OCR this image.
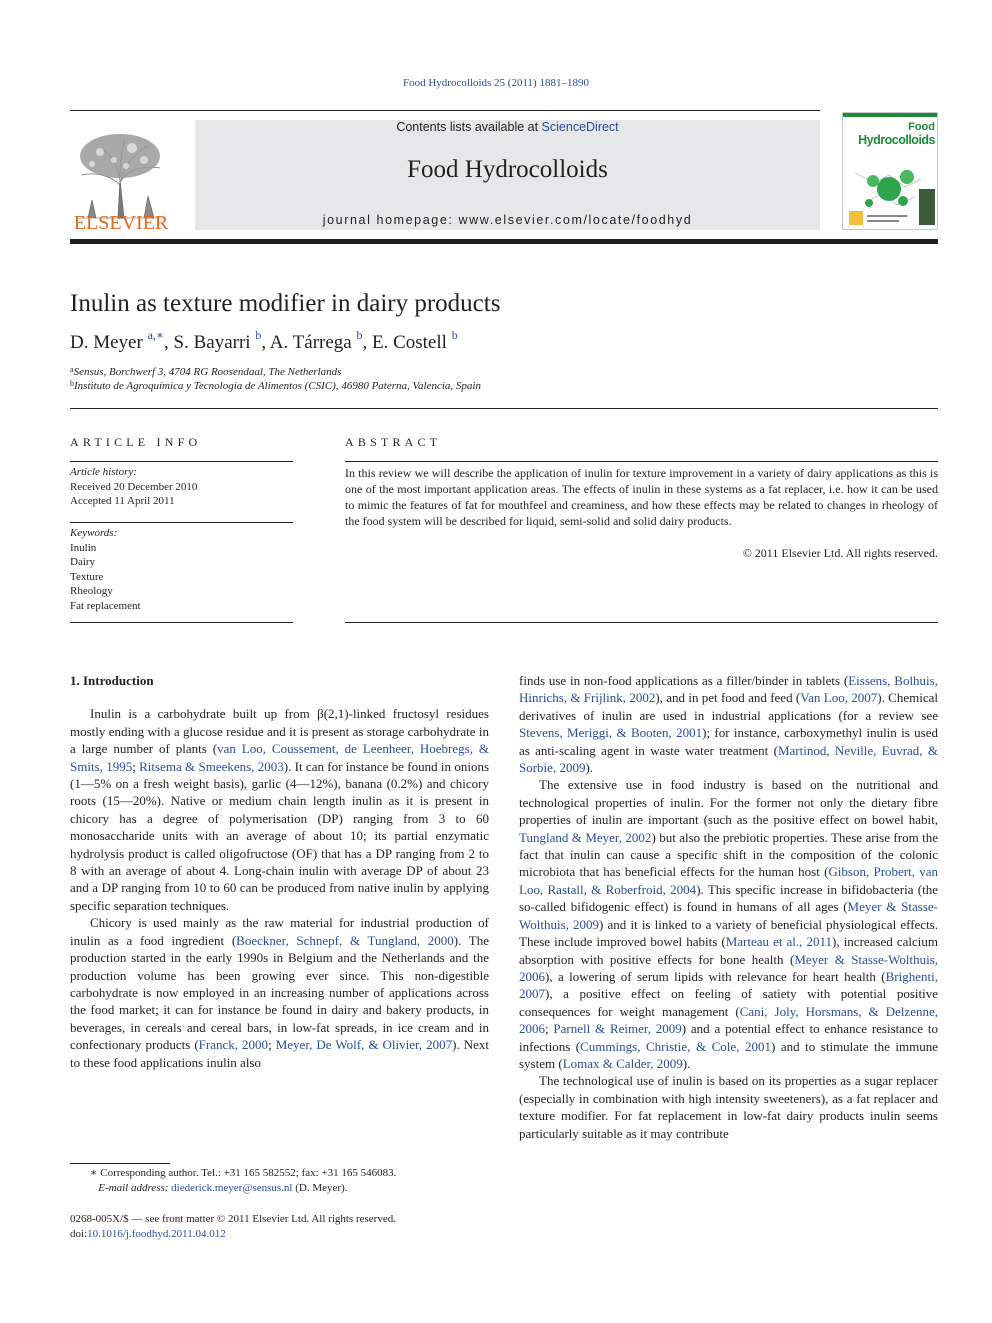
Food Hydrocolloids 25 (2011) 1881–1890
ELSEVIER
Contents lists available at ScienceDirect
Food Hydrocolloids
journal homepage: www.elsevier.com/locate/foodhyd
Food
Hydrocolloids
Inulin as texture modifier in dairy products
D. Meyer $^{a,∗}$, S. Bayarri $^b$, A. Tárrega $^b$, E. Costell $^b$
$^a$Sensus, Borchwerf 3, 4704 RG Roosendaal, The Netherlands
$^b$Instituto de Agroquímica y Tecnologia de Alimentos (CSIC), 46980 Paterna, Valencia, Spain
ARTICLE INFO	ABSTRACT
Article history:
Received 20 December 2010
Accepted 11 April 2011
Keywords:
Inulin
Dairy
Texture
Rheology
Fat replacement
In this review we will describe the application of inulin for texture improvement in a variety of dairy applications as this is one of the most important application areas. The effects of inulin in these systems as a fat replacer, i.e. how it can be used to mimic the features of fat for mouthfeel and creaminess, and how these effects may be related to changes in rheology of the food system will be described for liquid, semi-solid and solid dairy products.
© 2011 Elsevier Ltd. All rights reserved.

1. Introduction

Inulin is a carbohydrate built up from β(2,1)-linked fructosyl residues mostly ending with a glucose residue and it is present as storage carbohydrate in a large number of plants (van Loo, Coussement, de Leenheer, Hoebregs, & Smits, 1995; Ritsema & Smeekens, 2003). It can for instance be found in onions (1—5% on a fresh weight basis), garlic (4—12%), banana (0.2%) and chicory roots (15—20%). Native or medium chain length inulin as it is present in chicory has a degree of polymerisation (DP) ranging from 3 to 60 monosaccharide units with an average of about 10; its partial enzymatic hydrolysis product is called oligofructose (OF) that has a DP ranging from 2 to 8 with an average of about 4. Long-chain inulin with average DP of about 23 and a DP ranging from 10 to 60 can be produced from native inulin by applying specific separation techniques.

Chicory is used mainly as the raw material for industrial production of inulin as a food ingredient (Boeckner, Schnepf, & Tungland, 2000). The production started in the early 1990s in Belgium and the Netherlands and the production volume has been growing ever since. This non-digestible carbohydrate is now employed in an increasing number of applications across the food market; it can for instance be found in dairy and bakery products, in beverages, in cereals and cereal bars, in low-fat spreads, in ice cream and in confectionary products (Franck, 2000; Meyer, De Wolf, & Olivier, 2007). Next to these food applications inulin also

finds use in non-food applications as a filler/binder in tablets (Eissens, Bolhuis, Hinrichs, & Frijlink, 2002), and in pet food and feed (Van Loo, 2007). Chemical derivatives of inulin are used in industrial applications (for a review see Stevens, Meriggi, & Booten, 2001); for instance, carboxymethyl inulin is used as anti-scaling agent in waste water treatment (Martinod, Neville, Euvrad, & Sorbie, 2009).

The extensive use in food industry is based on the nutritional and technological properties of inulin. For the former not only the dietary fibre properties of inulin are important (such as the positive effect on bowel habit, Tungland & Meyer, 2002) but also the prebiotic properties. These arise from the fact that inulin can cause a specific shift in the composition of the colonic microbiota that has beneficial effects for the human host (Gibson, Probert, van Loo, Rastall, & Roberfroid, 2004). This specific increase in bifidobacteria (the so-called bifidogenic effect) is found in humans of all ages (Meyer & Stasse-Wolthuis, 2009) and it is linked to a variety of beneficial physiological effects. These include improved bowel habits (Marteau et al., 2011), increased calcium absorption with positive effects for bone health (Meyer & Stasse-Wolthuis, 2006), a lowering of serum lipids with relevance for heart health (Brighenti, 2007), a positive effect on feeling of satiety with potential positive consequences for weight management (Cani, Joly, Horsmans, & Delzenne, 2006; Parnell & Reimer, 2009) and a potential effect to enhance resistance to infections (Cummings, Christie, & Cole, 2001) and to stimulate the immune system (Lomax & Calder, 2009).

The technological use of inulin is based on its properties as a sugar replacer (especially in combination with high intensity sweeteners), as a fat replacer and texture modifier. For fat replacement in low-fat dairy products inulin seems particularly suitable as it may contribute

∗ Corresponding author. Tel.: +31 165 582552; fax: +31 165 546083.
E-mail address: diederick.meyer@sensus.nl (D. Meyer).
0268-005X/$ — see front matter © 2011 Elsevier Ltd. All rights reserved.
doi:10.1016/j.foodhyd.2011.04.012
